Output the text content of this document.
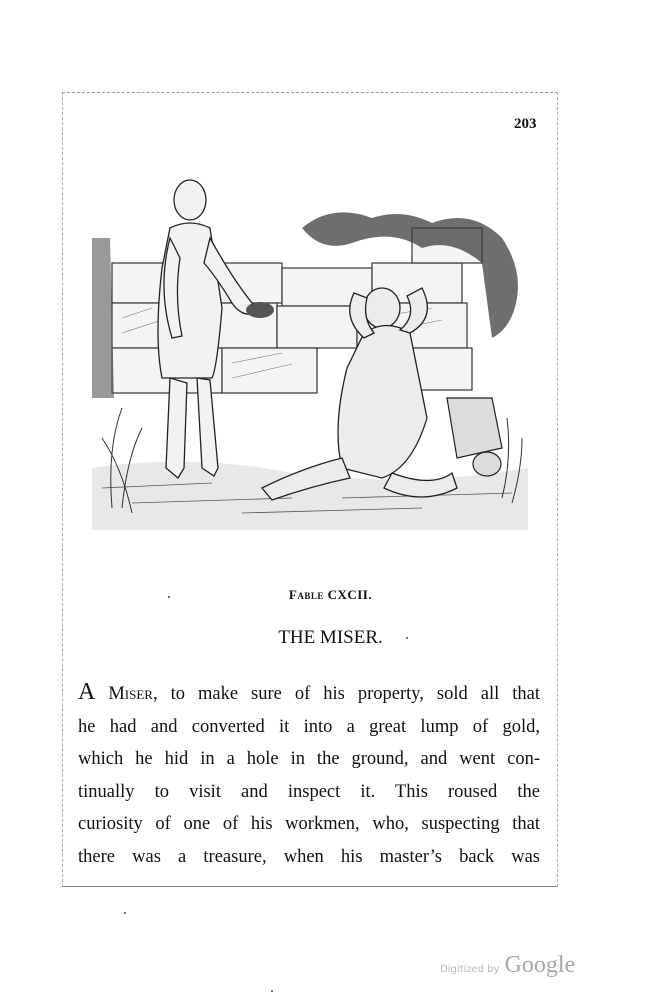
203
Fable CXCII.
THE MISER.
A Miser, to make sure of his property, sold all that
he had and converted it into a great lump of gold,
which he hid in a hole in the ground, and went con-
tinually to visit and inspect it. This roused the
curiosity of one of his workmen, who, suspecting that
there was a treasure, when his master’s back was
Digitized by Google
